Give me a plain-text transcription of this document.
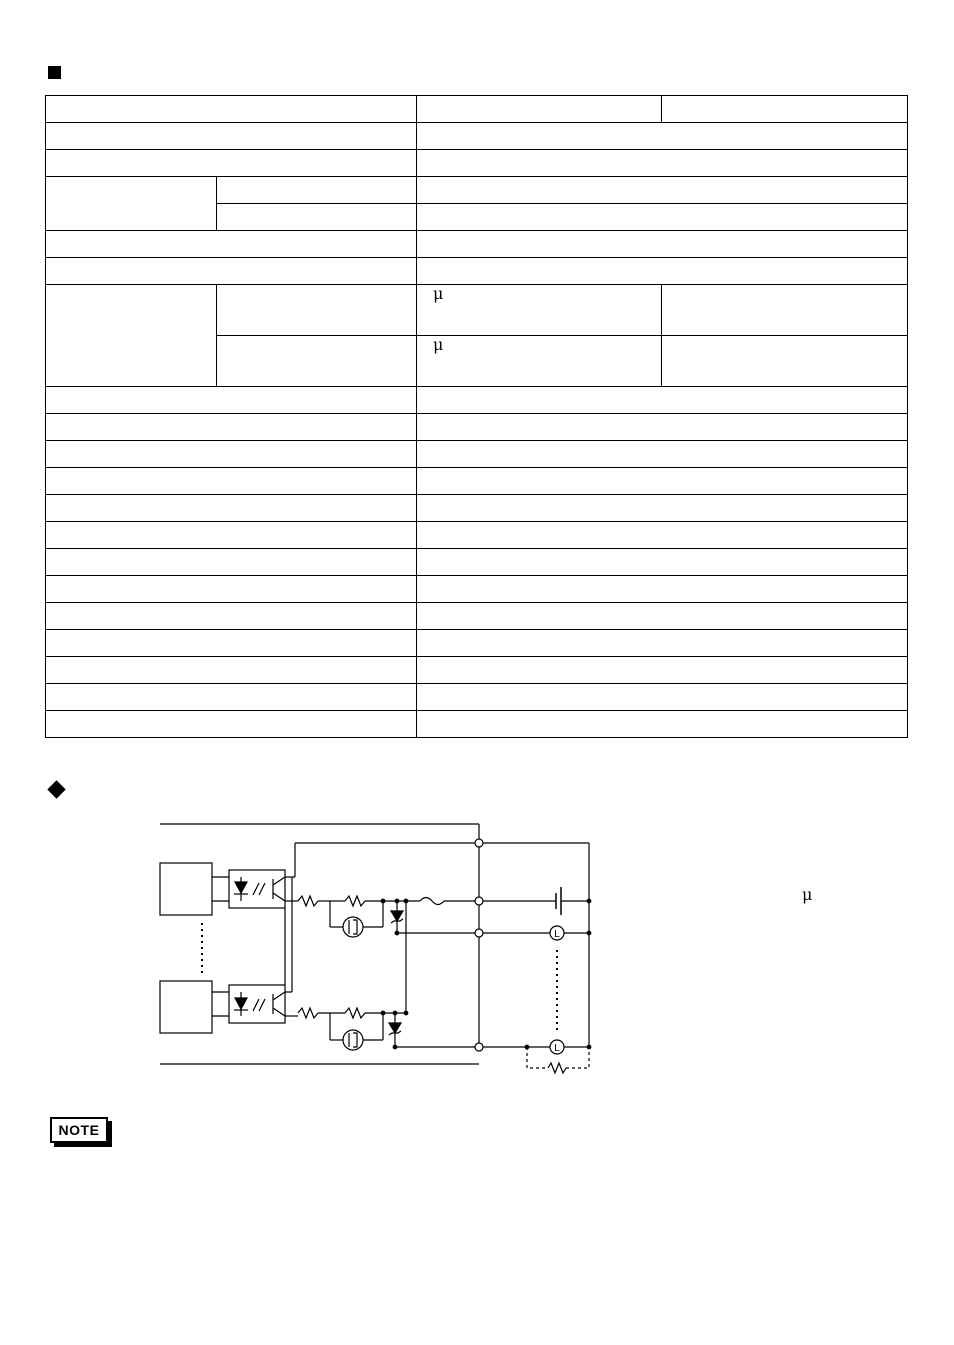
		μ	
		μ	

L
L
μ
NOTE
